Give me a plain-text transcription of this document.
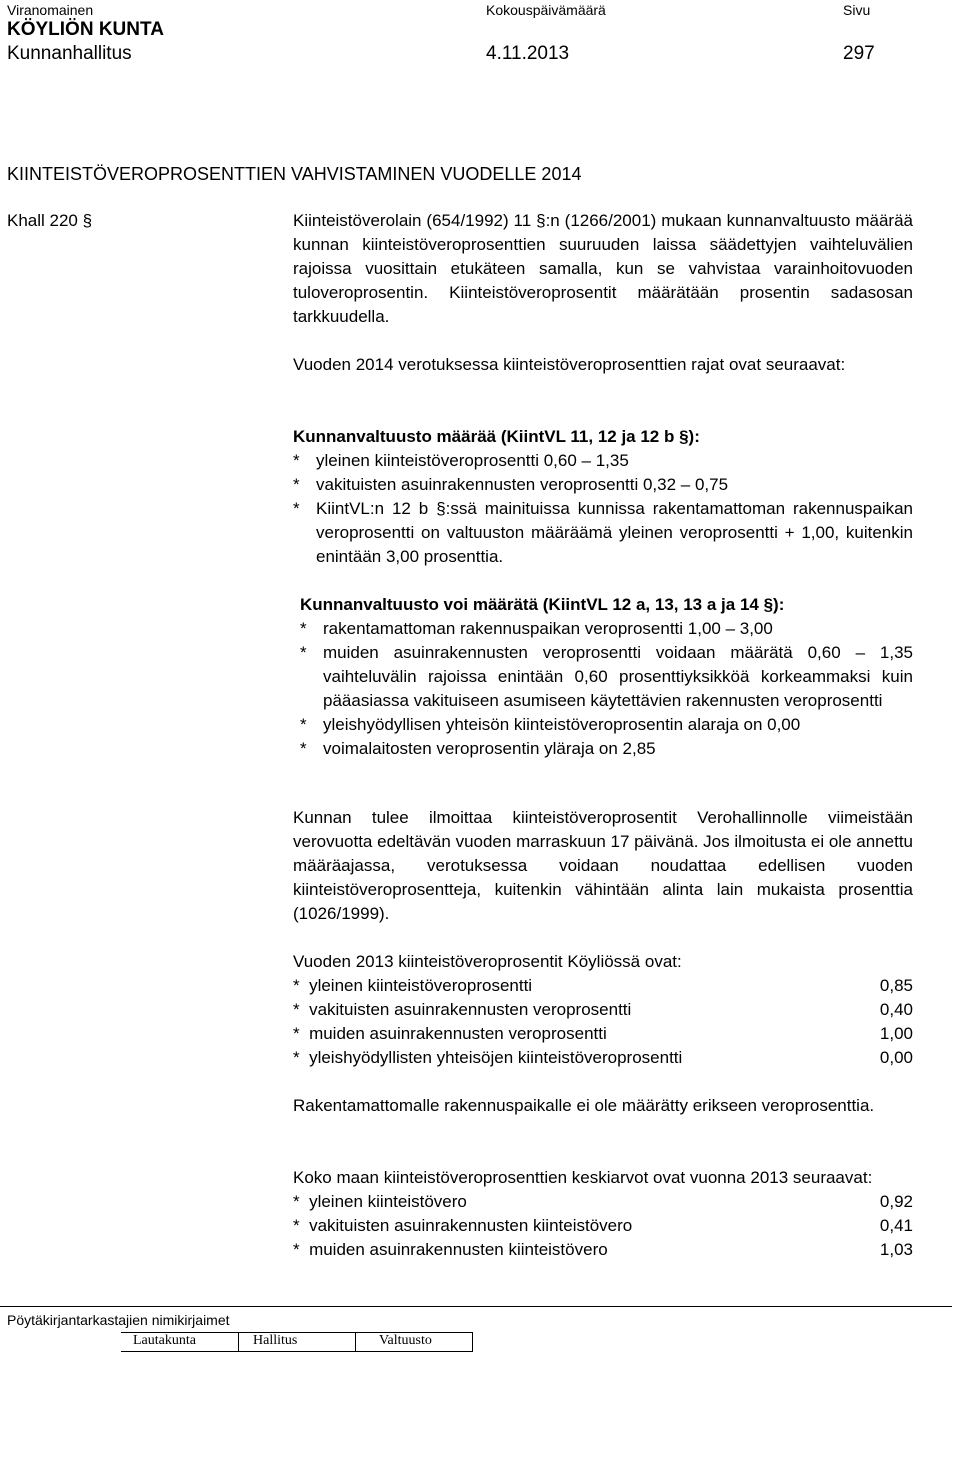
Viranomainen	Kokouspäivämäärä	Sivu
KÖYLIÖN KUNTA
Kunnanhallitus	4.11.2013	297
KIINTEISTÖVEROPROSENTTIEN VAHVISTAMINEN VUODELLE 2014
Khall 220 §	Kiinteistöverolain (654/1992) 11 §:n (1266/2001) mukaan kunnanvaltuusto määrää kunnan kiinteistöveroprosenttien suuruuden laissa säädettyjen vaihteluvälien rajoissa vuosittain etukäteen samalla, kun se vahvistaa varainhoitovuoden tuloveroprosentin. Kiinteistöveroprosentit määrätään prosentin sadasosan tarkkuudella.
Vuoden 2014 verotuksessa kiinteistöveroprosenttien rajat ovat seuraavat:

Kunnanvaltuusto määrää (KiintVL 11, 12 ja 12 b §):

* yleinen kiinteistöveroprosentti 0,60 – 1,35
* vakituisten asuinrakennusten veroprosentti 0,32 – 0,75
* KiintVL:n 12 b §:ssä mainituissa kunnissa rakentamattoman rakennuspaikan veroprosentti on valtuuston määräämä yleinen veroprosentti + 1,00, kuitenkin enintään 3,00 prosenttia.

Kunnanvaltuusto voi määrätä (KiintVL 12 a, 13, 13 a ja 14 §):

* rakentamattoman rakennuspaikan veroprosentti 1,00 – 3,00
* muiden asuinrakennusten veroprosentti voidaan määrätä 0,60 – 1,35 vaihteluvälin rajoissa enintään 0,60 prosenttiyksikköä korkeammaksi kuin pääasiassa vakituiseen asumiseen käytettävien rakennusten veroprosentti
* yleishyödyllisen yhteisön kiinteistöveroprosentin alaraja on 0,00
* voimalaitosten veroprosentin yläraja on 2,85
Kunnan tulee ilmoittaa kiinteistöveroprosentit Verohallinnolle viimeistään verovuotta edeltävän vuoden marraskuun 17 päivänä. Jos ilmoitusta ei ole annettu määräajassa, verotuksessa voidaan noudattaa edellisen vuoden kiinteistöveroprosentteja, kuitenkin vähintään alinta lain mukaista prosenttia (1026/1999).

Vuoden 2013 kiinteistöveroprosentit Köyliössä ovat:

*  yleinen kiinteistöveroprosentti	0,85
*  vakituisten asuinrakennusten veroprosentti	0,40
*  muiden asuinrakennusten veroprosentti	1,00
*  yleishyödyllisten yhteisöjen kiinteistöveroprosentti	0,00
Rakentamattomalle rakennuspaikalle ei ole määrätty erikseen veroprosenttia.

Koko maan kiinteistöveroprosenttien keskiarvot ovat vuonna 2013 seuraavat:

*  yleinen kiinteistövero	0,92
*  vakituisten asuinrakennusten kiinteistövero	0,41
*  muiden asuinrakennusten kiinteistövero	1,03
Pöytäkirjantarkastajien nimikirjaimet
Lautakunta	Hallitus	Valtuusto
